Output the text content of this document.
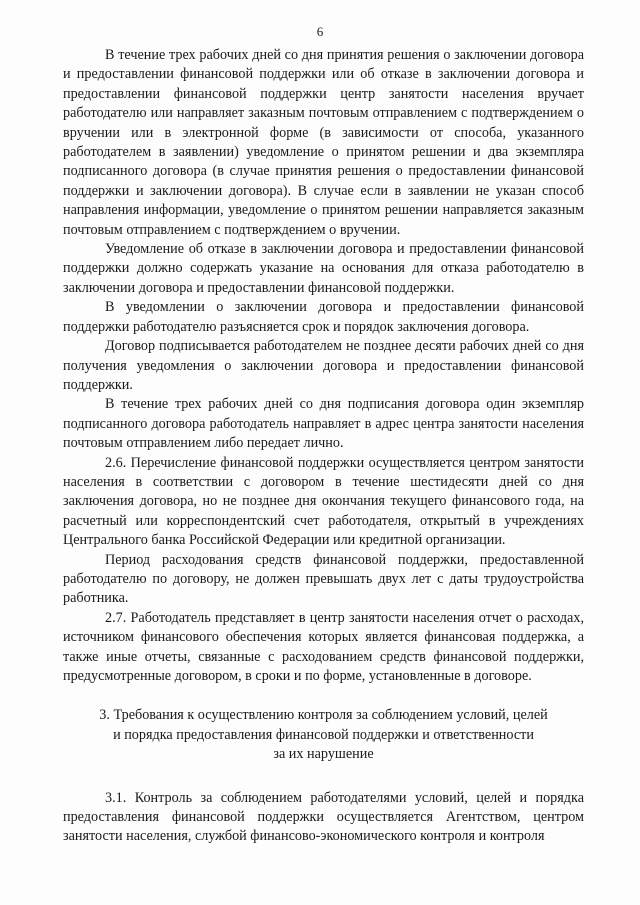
6

В течение трех рабочих дней со дня принятия решения о заключении договора и предоставлении финансовой поддержки или об отказе в заключении договора и предоставлении финансовой поддержки центр занятости населения вручает работодателю или направляет заказным почтовым отправлением с подтверждением о вручении или в электронной форме (в зависимости от способа, указанного работодателем в заявлении) уведомление о принятом решении и два экземпляра подписанного договора (в случае принятия решения о предоставлении финансовой поддержки и заключении договора). В случае если в заявлении не указан способ направления информации, уведомление о принятом решении направляется заказным почтовым отправлением с подтверждением о вручении.

Уведомление об отказе в заключении договора и предоставлении финансовой поддержки должно содержать указание на основания для отказа работодателю в заключении договора и предоставлении финансовой поддержки.

В уведомлении о заключении договора и предоставлении финансовой поддержки работодателю разъясняется срок и порядок заключения договора.

Договор подписывается работодателем не позднее десяти рабочих дней со дня получения уведомления о заключении договора и предоставлении финансовой поддержки.

В течение трех рабочих дней со дня подписания договора один экземпляр подписанного договора работодатель направляет в адрес центра занятости населения почтовым отправлением либо передает лично.

2.6. Перечисление финансовой поддержки осуществляется центром занятости населения в соответствии с договором в течение шестидесяти дней со дня заключения договора, но не позднее дня окончания текущего финансового года, на расчетный или корреспондентский счет работодателя, открытый в учреждениях Центрального банка Российской Федерации или кредитной организации.

Период расходования средств финансовой поддержки, предоставленной работодателю по договору, не должен превышать двух лет с даты трудоустройства работника.

2.7. Работодатель представляет в центр занятости населения отчет о расходах, источником финансового обеспечения которых является финансовая поддержка, а также иные отчеты, связанные с расходованием средств финансовой поддержки, предусмотренные договором, в сроки и по форме, установленные в договоре.

3. Требования к осуществлению контроля за соблюдением условий, целей
и порядка предоставления финансовой поддержки и ответственности
за их нарушение

3.1. Контроль за соблюдением работодателями условий, целей и порядка предоставления финансовой поддержки осуществляется Агентством, центром занятости населения, службой финансово-экономического контроля и контроля
